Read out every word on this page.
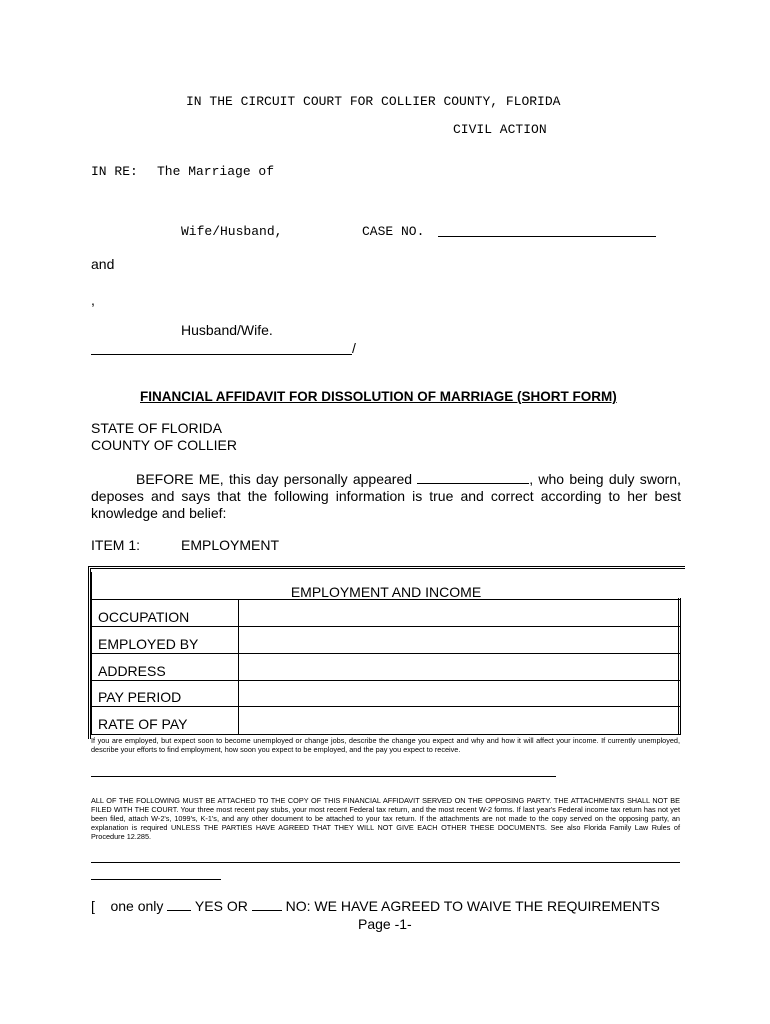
IN THE CIRCUIT COURT FOR COLLIER COUNTY, FLORIDA
CIVIL ACTION
IN RE: The Marriage of
Wife/Husband,	CASE NO.
and
,
Husband/Wife.
/
FINANCIAL AFFIDAVIT FOR DISSOLUTION OF MARRIAGE (SHORT FORM)
STATE OF FLORIDA
COUNTY OF COLLIER
BEFORE ME, this day personally appeared	, who being duly sworn, deposes and says that the following information is true and correct according to her best knowledge and belief:
ITEM 1:	EMPLOYMENT
EMPLOYMENT AND INCOME
OCCUPATION
EMPLOYED BY
ADDRESS
PAY PERIOD
RATE OF PAY
If you are employed, but expect soon to become unemployed or change jobs, describe the change you expect and why and how it will affect your income. If currently unemployed, describe your efforts to find employment, how soon you expect to be employed, and the pay you expect to receive.
ALL OF THE FOLLOWING MUST BE ATTACHED TO THE COPY OF THIS FINANCIAL AFFIDAVIT SERVED ON THE OPPOSING PARTY. THE ATTACHMENTS SHALL NOT BE FILED WITH THE COURT. Your three most recent pay stubs, your most recent Federal tax return, and the most recent W-2 forms. If last year's Federal income tax return has not yet been filed, attach W-2's, 1099's, K-1's, and any other document to be attached to your tax return. If the attachments are not made to the copy served on the opposing party, an explanation is required UNLESS THE PARTIES HAVE AGREED THAT THEY WILL NOT GIVE EACH OTHER THESE DOCUMENTS. See also Florida Family Law Rules of Procedure 12.285.
[ one only YES OR	NO: WE HAVE AGREED TO WAIVE THE REQUIREMENTS
Page -1-
